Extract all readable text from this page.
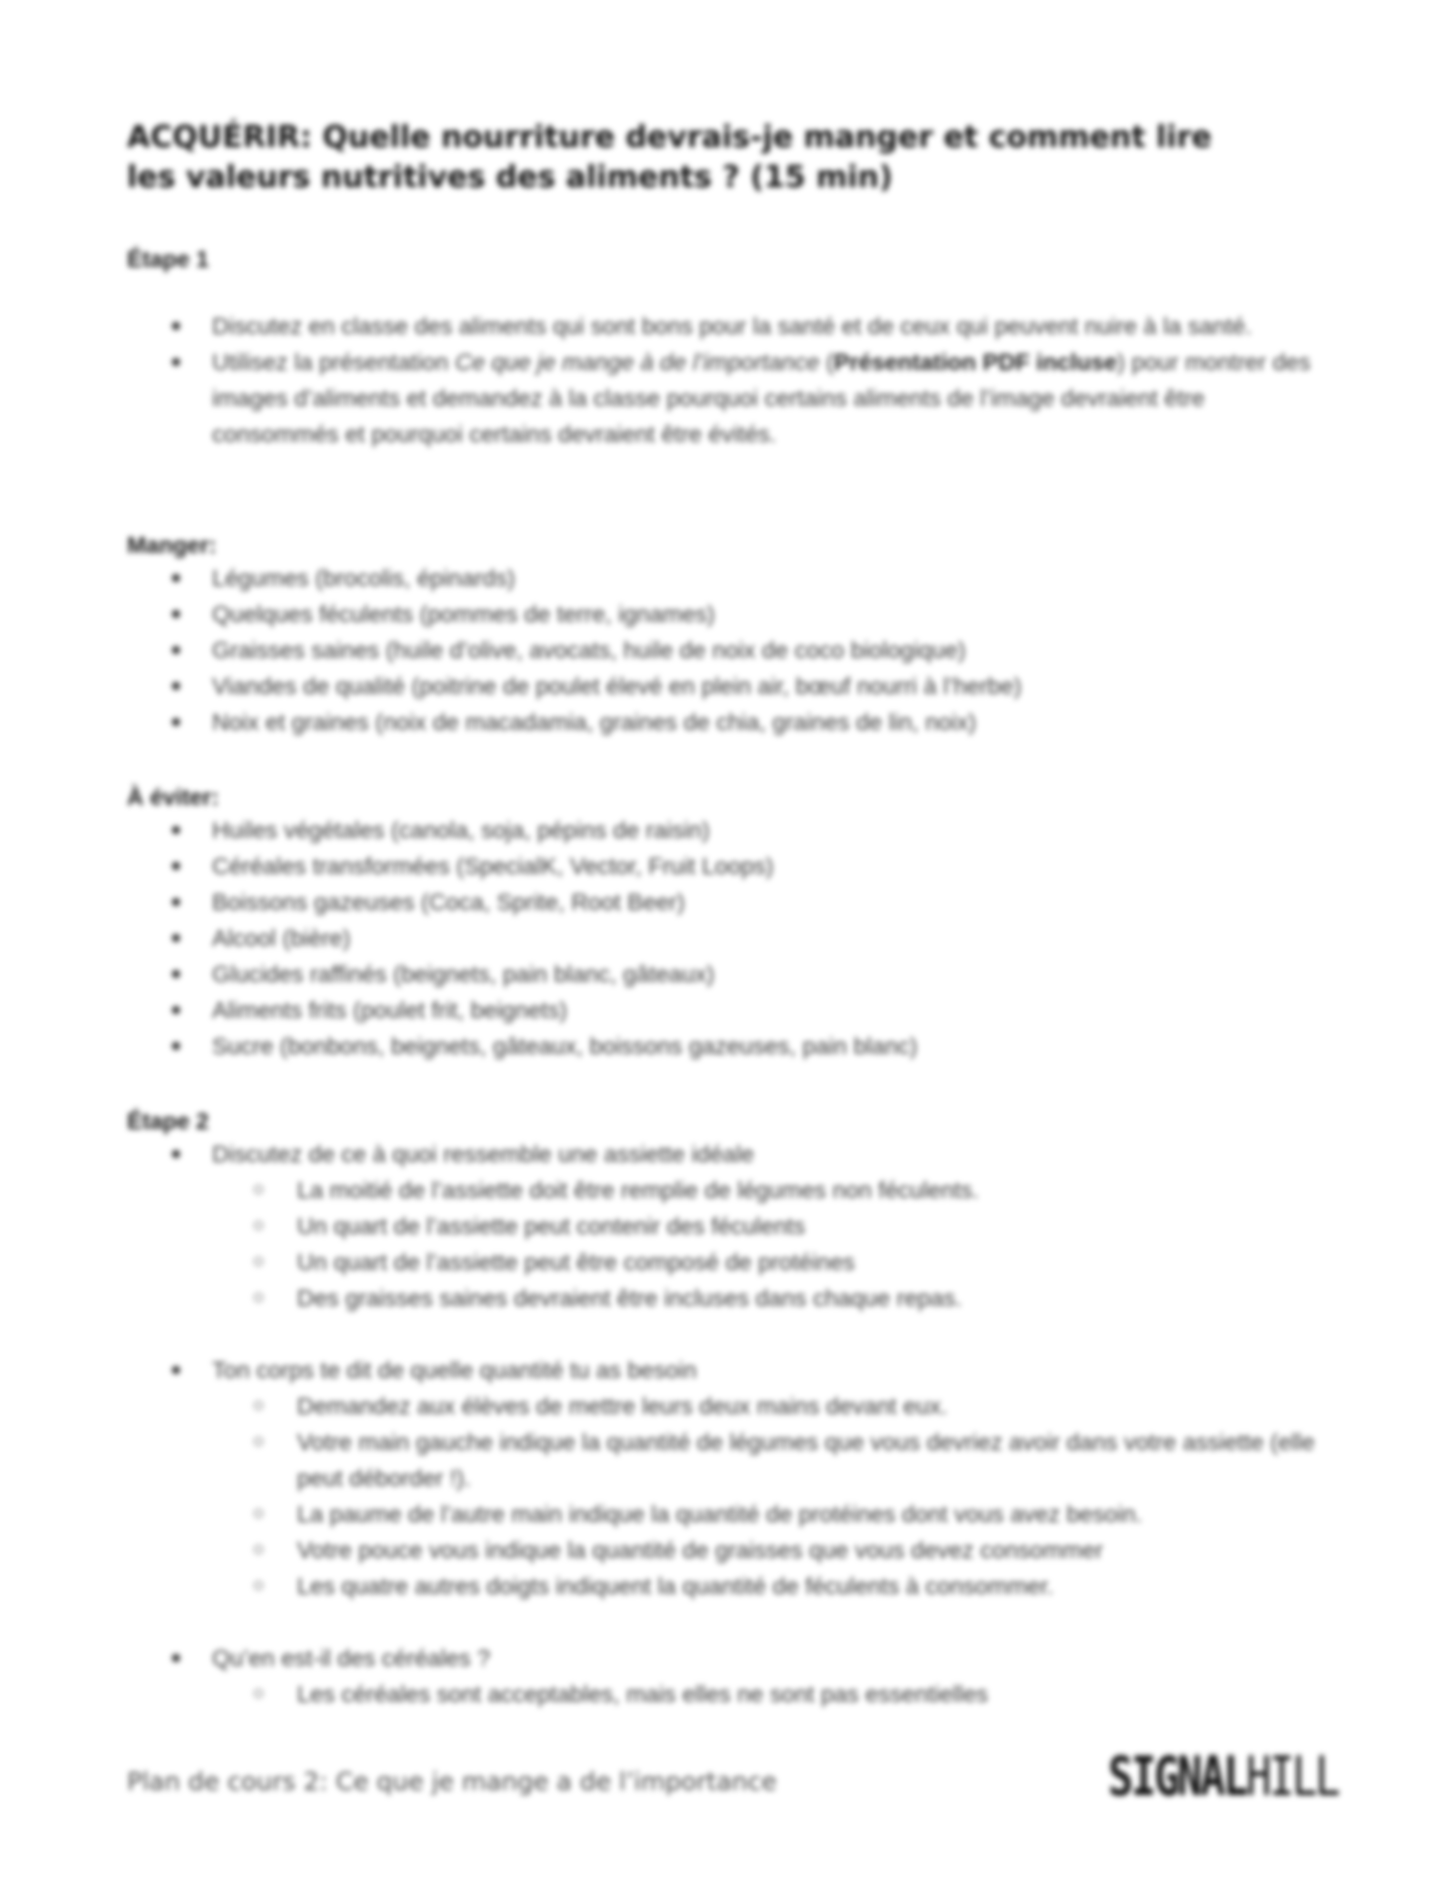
ACQUÉRIR: Quelle nourriture devrais-je manger et comment lire les valeurs nutritives des aliments ? (15 min)
Étape 1
Discutez en classe des aliments qui sont bons pour la santé et de ceux qui peuvent nuire à la santé.
Utilisez la présentation Ce que je mange à de l’importance (Présentation PDF incluse) pour montrer des images d’aliments et demandez à la classe pourquoi certains aliments de l’image devraient être consommés et pourquoi certains devraient être évités.
Manger:
Légumes (brocolis, épinards)
Quelques féculents (pommes de terre, ignames)
Graisses saines (huile d’olive, avocats, huile de noix de coco biologique)
Viandes de qualité (poitrine de poulet élevé en plein air, bœuf nourri à l’herbe)
Noix et graines (noix de macadamia, graines de chia, graines de lin, noix)
À éviter:
Huiles végétales (canola, soja, pépins de raisin)
Céréales transformées (SpecialK, Vector, Fruit Loops)
Boissons gazeuses (Coca, Sprite, Root Beer)
Alcool (bière)
Glucides raffinés (beignets, pain blanc, gâteaux)
Aliments frits (poulet frit, beignets)
Sucre (bonbons, beignets, gâteaux, boissons gazeuses, pain blanc)
Étape 2
Discutez de ce à quoi ressemble une assiette idéale
La moitié de l’assiette doit être remplie de légumes non féculents.
Un quart de l’assiette peut contenir des féculents
Un quart de l’assiette peut être composé de protéines
Des graisses saines devraient être incluses dans chaque repas.
Ton corps te dit de quelle quantité tu as besoin
Demandez aux élèves de mettre leurs deux mains devant eux.
Votre main gauche indique la quantité de légumes que vous devriez avoir dans votre assiette (elle peut déborder !).
La paume de l’autre main indique la quantité de protéines dont vous avez besoin.
Votre pouce vous indique la quantité de graisses que vous devez consommer
Les quatre autres doigts indiquent la quantité de féculents à consommer.
Qu’en est-il des céréales ?
Les céréales sont acceptables, mais elles ne sont pas essentielles
Plan de cours 2: Ce que je mange a de l’importance	SIGNALHILL
